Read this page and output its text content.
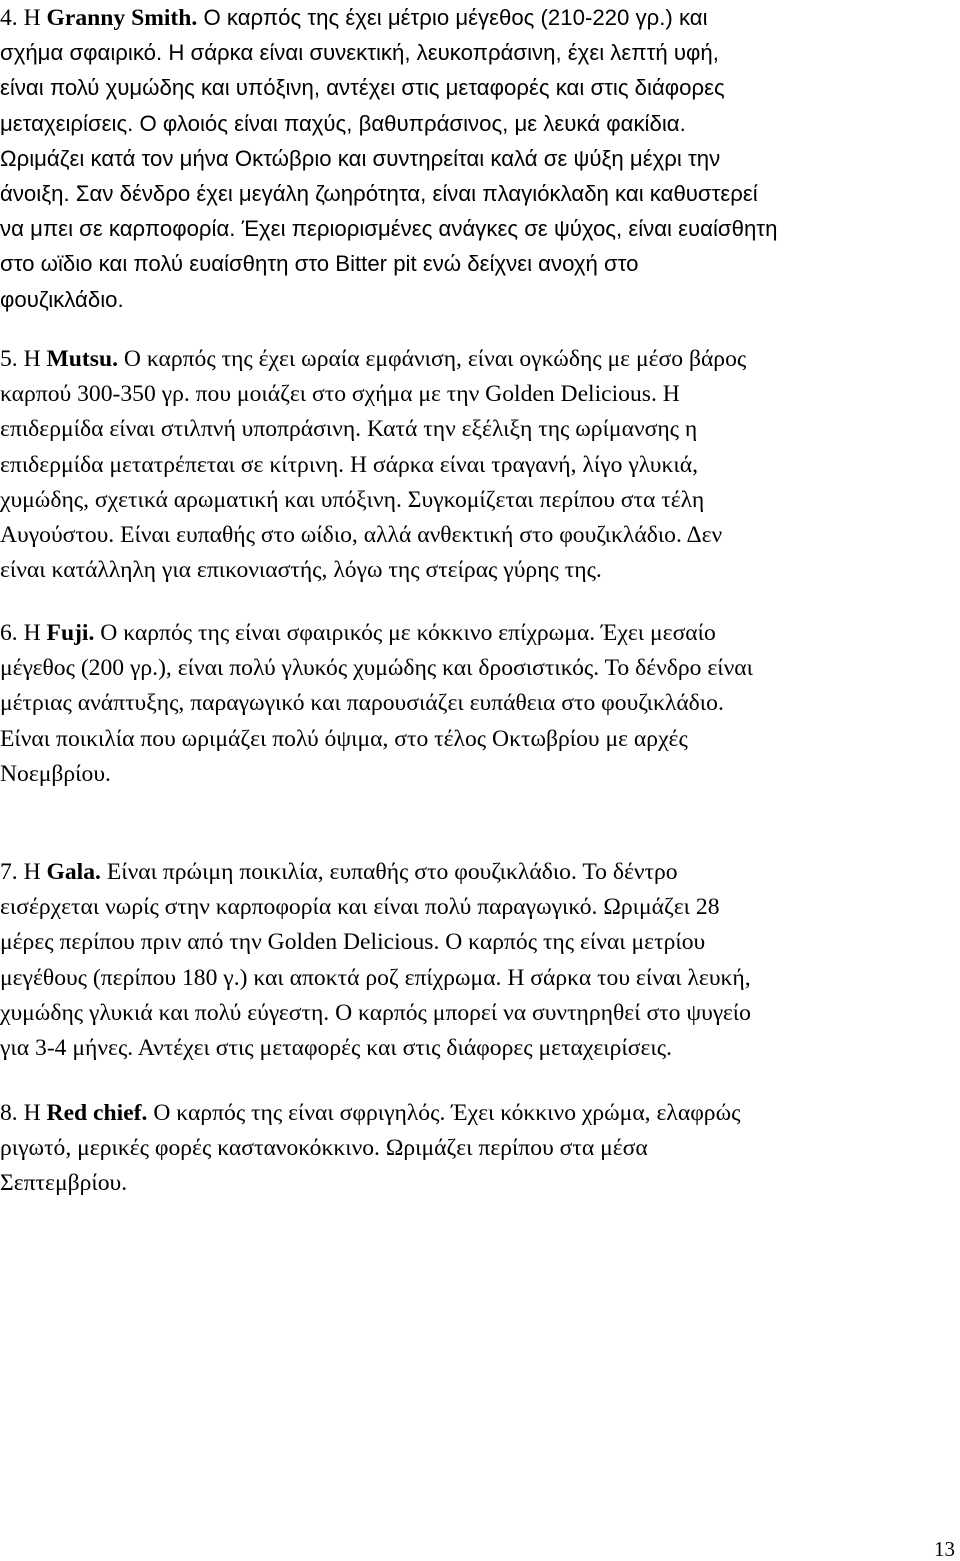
4. Η Granny Smith. Ο καρπός της έχει μέτριο μέγεθος (210-220 γρ.) και
σχήμα σφαιρικό. Η σάρκα είναι συνεκτική, λευκοπράσινη, έχει λεπτή υφή,
είναι πολύ χυμώδης και υπόξινη, αντέχει στις μεταφορές και στις διάφορες
μεταχειρίσεις. Ο φλοιός είναι παχύς, βαθυπράσινος, με λευκά φακίδια.
Ωριμάζει κατά τον μήνα Οκτώβριο και συντηρείται καλά σε ψύξη μέχρι την
άνοιξη. Σαν δένδρο έχει μεγάλη ζωηρότητα, είναι πλαγιόκλαδη και καθυστερεί
να μπει σε καρποφορία. Έχει περιορισμένες ανάγκες σε ψύχος, είναι ευαίσθητη
στο ωϊδιο και πολύ ευαίσθητη στο Bitter pit ενώ δείχνει ανοχή στο
φουζικλάδιο.
5. Η Mutsu. Ο καρπός της έχει ωραία εμφάνιση, είναι ογκώδης με μέσο βάρος
καρπού 300-350 γρ. που μοιάζει στο σχήμα με την Golden Delicious. Η
επιδερμίδα είναι στιλπνή υποπράσινη. Κατά την εξέλιξη της ωρίμανσης η
επιδερμίδα μετατρέπεται σε κίτρινη. Η σάρκα είναι τραγανή, λίγο γλυκιά,
χυμώδης, σχετικά αρωματική και υπόξινη. Συγκομίζεται περίπου στα τέλη
Αυγούστου. Είναι ευπαθής στο ωίδιο, αλλά ανθεκτική στο φουζικλάδιο. Δεν
είναι κατάλληλη για επικονιαστής, λόγω της στείρας γύρης της.
6. Η Fuji. Ο καρπός της είναι σφαιρικός με κόκκινο επίχρωμα. Έχει μεσαίο
μέγεθος (200 γρ.), είναι πολύ γλυκός χυμώδης και δροσιστικός. Το δένδρο είναι
μέτριας ανάπτυξης, παραγωγικό και παρουσιάζει ευπάθεια στο φουζικλάδιο.
Είναι ποικιλία που ωριμάζει πολύ όψιμα, στο τέλος Οκτωβρίου με αρχές
Νοεμβρίου.
7. Η Gala. Είναι πρώιμη ποικιλία, ευπαθής στο φουζικλάδιο. Το δέντρο
εισέρχεται νωρίς στην καρποφορία και είναι πολύ παραγωγικό. Ωριμάζει 28
μέρες περίπου πριν από την Golden Delicious. Ο καρπός της είναι μετρίου
μεγέθους (περίπου 180 γ.) και αποκτά ροζ επίχρωμα. Η σάρκα του είναι λευκή,
χυμώδης γλυκιά και πολύ εύγεστη. Ο καρπός μπορεί να συντηρηθεί στο ψυγείο
για 3-4 μήνες. Αντέχει στις μεταφορές και στις διάφορες μεταχειρίσεις.
8. Η Red chief. Ο καρπός της είναι σφριγηλός. Έχει κόκκινο χρώμα, ελαφρώς
ριγωτό, μερικές φορές καστανοκόκκινο. Ωριμάζει περίπου στα μέσα
Σεπτεμβρίου.
13
